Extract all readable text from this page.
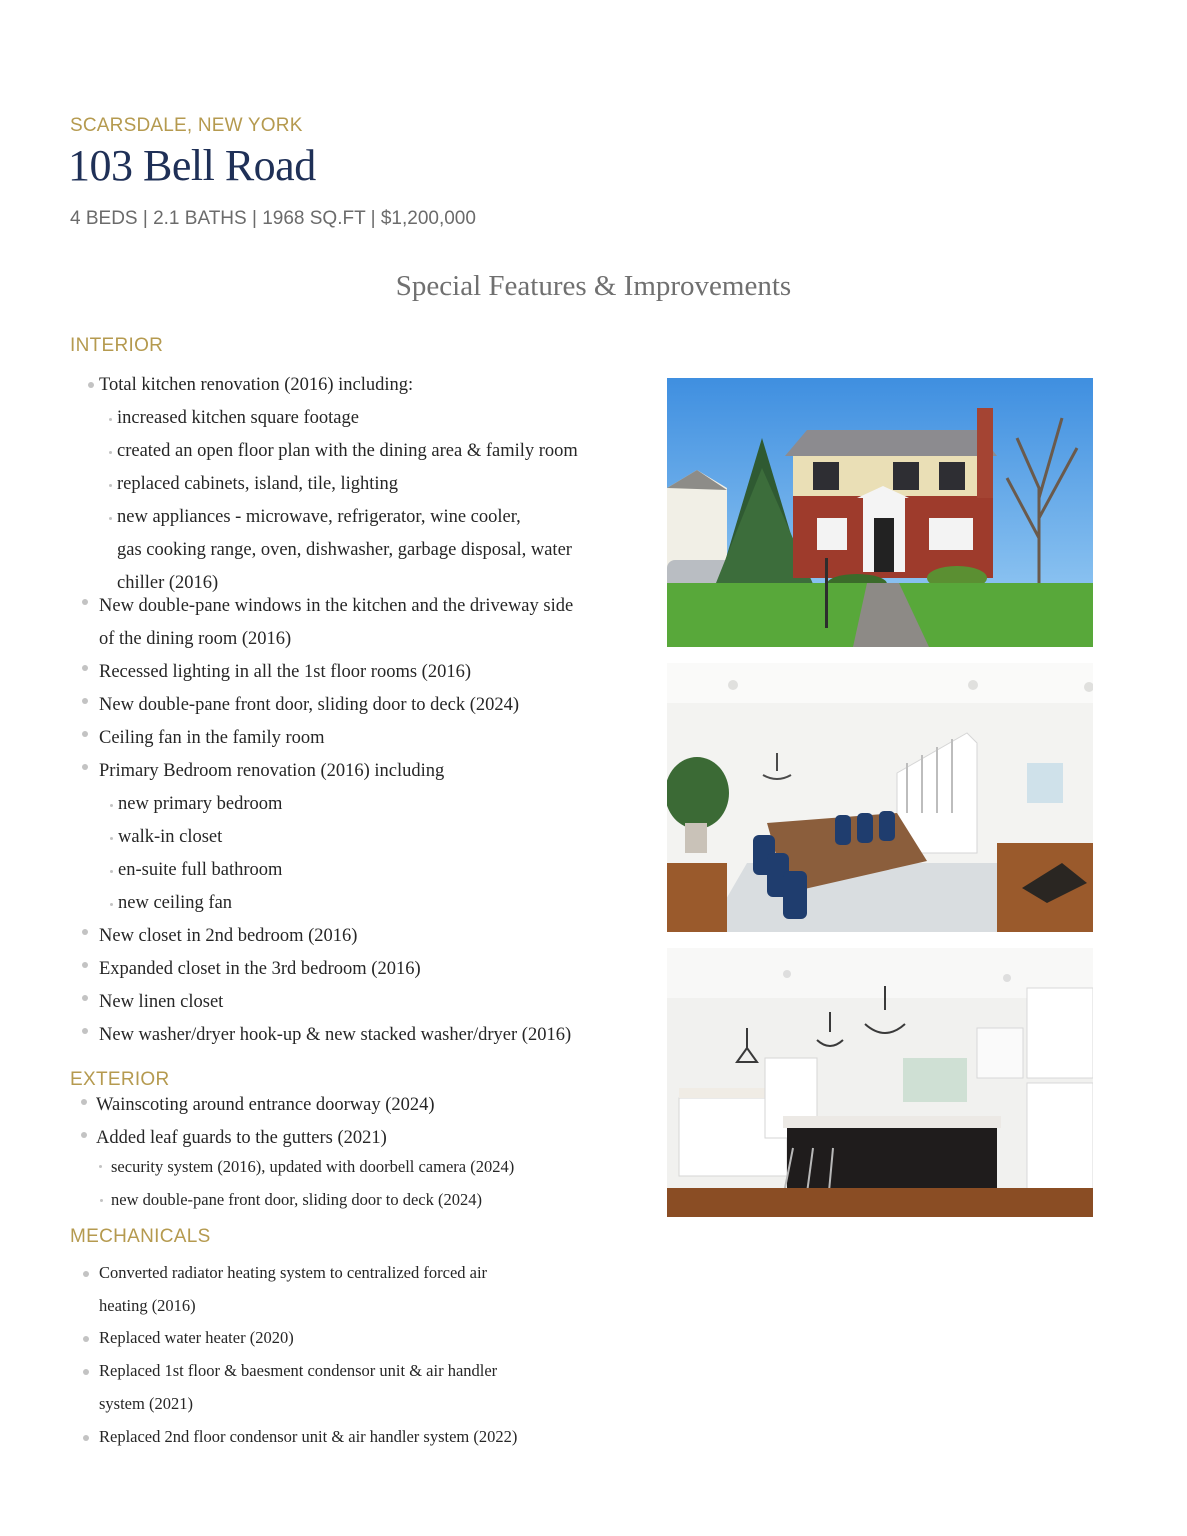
SCARSDALE, NEW YORK
103 Bell Road
4 BEDS | 2.1 BATHS | 1968 SQ.FT | $1,200,000
Special Features & Improvements
INTERIOR
Total kitchen renovation (2016) including:
increased kitchen square footage
created an open floor plan with the dining area & family room
replaced cabinets, island, tile, lighting
new appliances - microwave, refrigerator, wine cooler,
gas cooking range, oven, dishwasher, garbage disposal, water
chiller (2016)
New double-pane windows in the kitchen and the driveway side
of the dining room (2016)
Recessed lighting in all the 1st floor rooms (2016)
New double-pane front door, sliding door to deck (2024)
Ceiling fan in the family room
Primary Bedroom renovation (2016) including
new primary bedroom
walk-in closet
en-suite full bathroom
new ceiling fan
New closet in 2nd bedroom (2016)
Expanded closet in the 3rd bedroom (2016)
New linen closet
New washer/dryer hook-up & new stacked washer/dryer (2016)
EXTERIOR
Wainscoting around entrance doorway (2024)
Added leaf guards to the gutters (2021)
security system (2016), updated with doorbell camera (2024)
new double-pane front door, sliding door to deck (2024)
MECHANICALS
Converted radiator heating system to centralized forced air
heating (2016)
Replaced water heater (2020)
Replaced 1st floor & baesment condensor unit & air handler
system (2021)
Replaced 2nd floor condensor unit & air handler system (2022)
